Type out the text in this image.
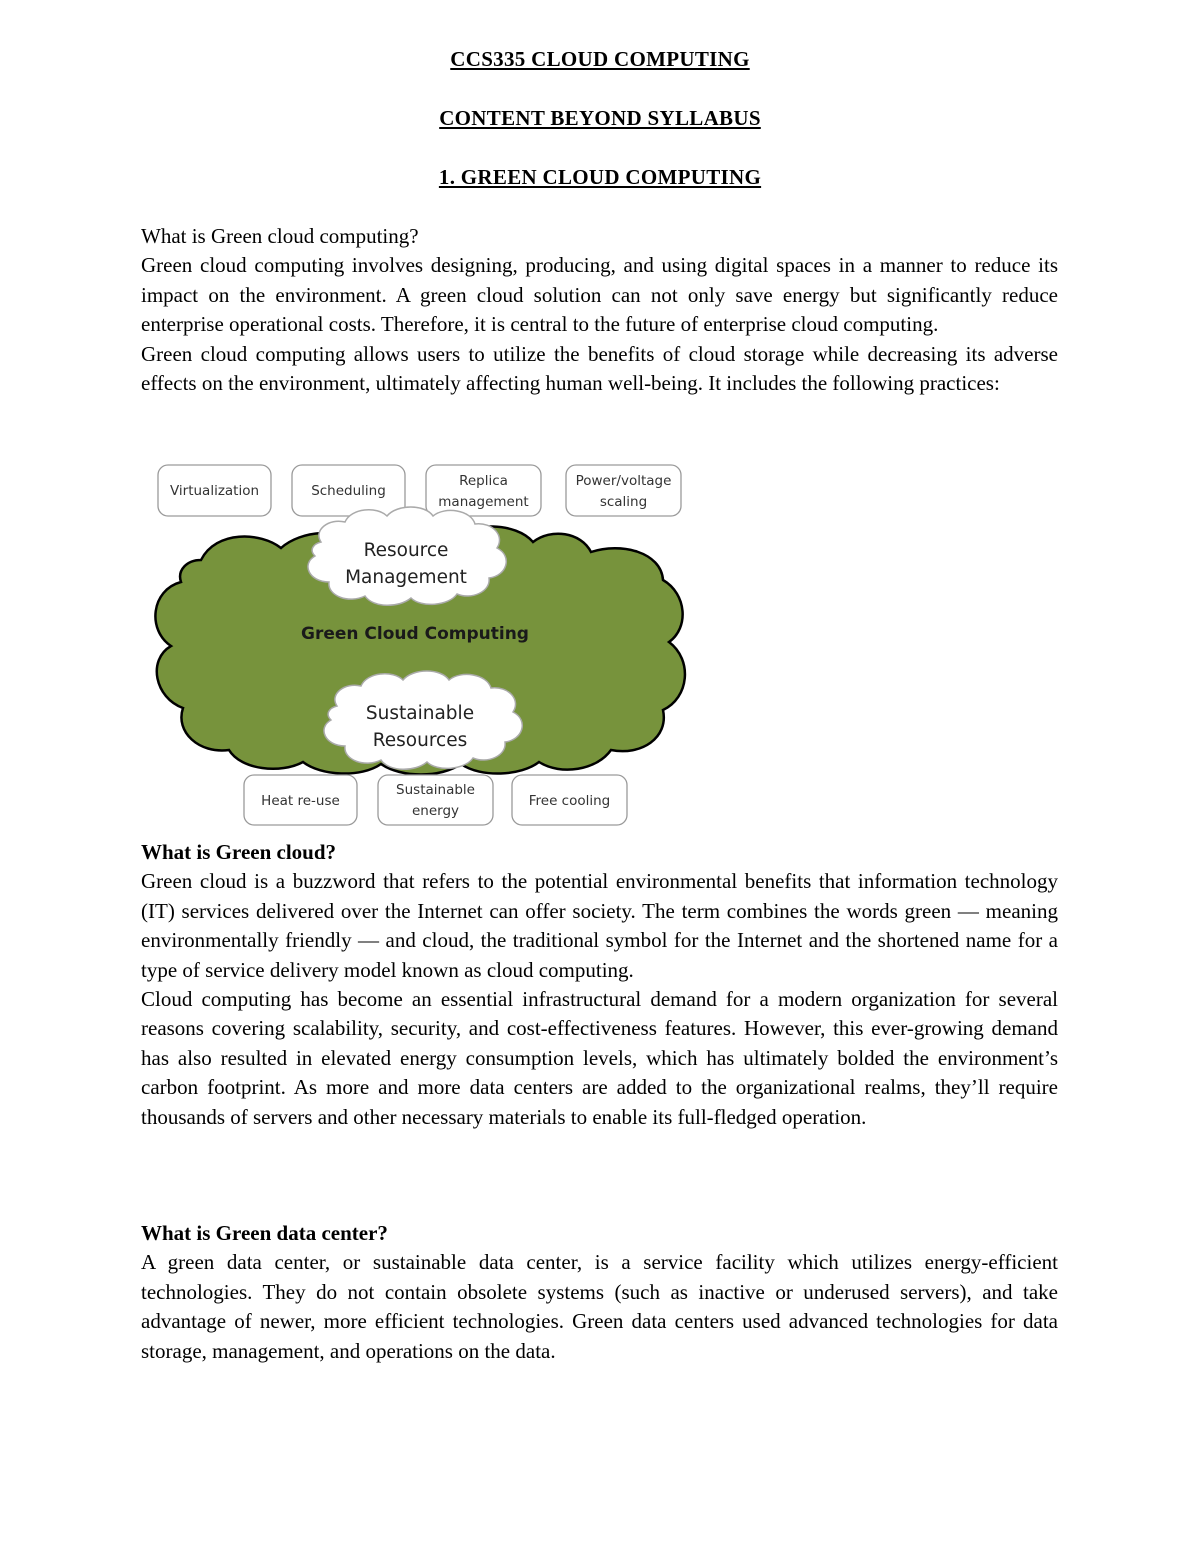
CCS335 CLOUD COMPUTING
CONTENT BEYOND SYLLABUS
1. GREEN CLOUD COMPUTING

What is Green cloud computing?

Green cloud computing involves designing, producing, and using digital spaces in a manner to reduce its impact on the environment. A green cloud solution can not only save energy but significantly reduce enterprise operational costs. Therefore, it is central to the future of enterprise cloud computing.

Green cloud computing allows users to utilize the benefits of cloud storage while decreasing its adverse effects on the environment, ultimately affecting human well-being. It includes the following practices:

Virtualization	Scheduling
Replica
management
Power/voltage
scaling
Resource
Management
Green Cloud Computing
Sustainable
Resources
Heat re-use
Sustainable
energy
Free cooling

What is Green cloud?

Green cloud is a buzzword that refers to the potential environmental benefits that information technology (IT) services delivered over the Internet can offer society. The term combines the words green — meaning environmentally friendly — and cloud, the traditional symbol for the Internet and the shortened name for a type of service delivery model known as cloud computing.

Cloud computing has become an essential infrastructural demand for a modern organization for several reasons covering scalability, security, and cost-effectiveness features. However, this ever-growing demand has also resulted in elevated energy consumption levels, which has ultimately bolded the environment’s carbon footprint. As more and more data centers are added to the organizational realms, they’ll require thousands of servers and other necessary materials to enable its full-fledged operation.

What is Green data center?

A green data center, or sustainable data center, is a service facility which utilizes energy-efficient technologies. They do not contain obsolete systems (such as inactive or underused servers), and take advantage of newer, more efficient technologies. Green data centers used advanced technologies for data storage, management, and operations on the data.
